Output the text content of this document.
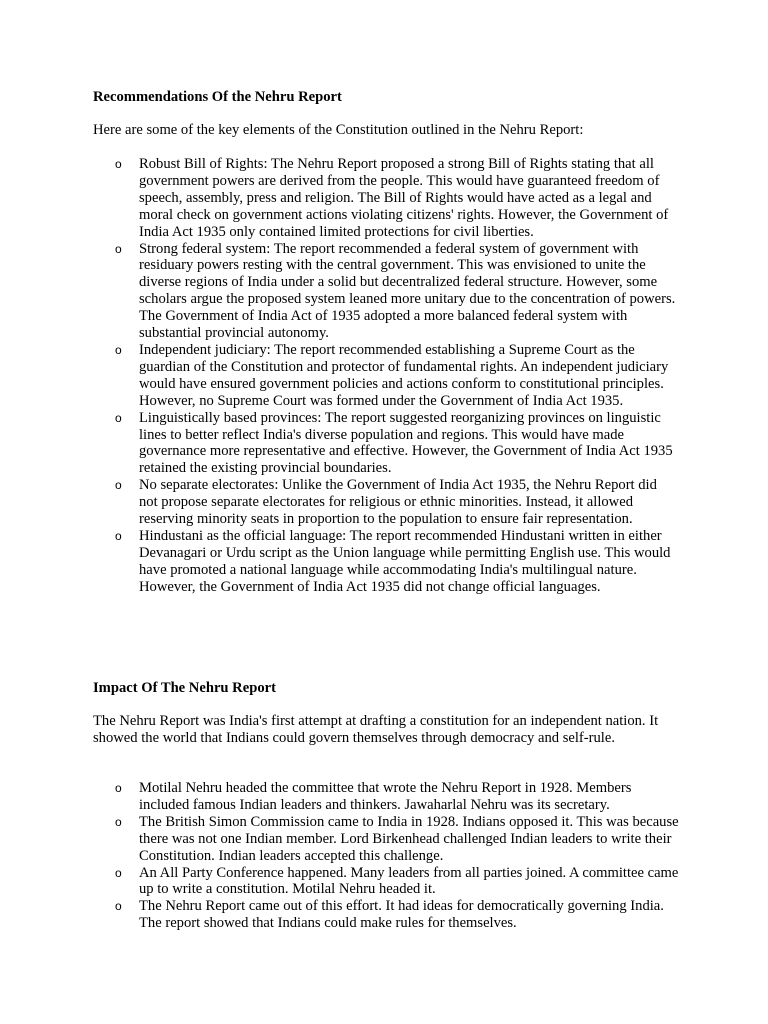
Recommendations Of the Nehru Report

Here are some of the key elements of the Constitution outlined in the Nehru Report:

o Robust Bill of Rights: The Nehru Report proposed a strong Bill of Rights stating that all government powers are derived from the people. This would have guaranteed freedom of speech, assembly, press and religion. The Bill of Rights would have acted as a legal and moral check on government actions violating citizens' rights. However, the Government of India Act 1935 only contained limited protections for civil liberties.
o Strong federal system: The report recommended a federal system of government with residuary powers resting with the central government. This was envisioned to unite the diverse regions of India under a solid but decentralized federal structure. However, some scholars argue the proposed system leaned more unitary due to the concentration of powers. The Government of India Act of 1935 adopted a more balanced federal system with substantial provincial autonomy.
o Independent judiciary: The report recommended establishing a Supreme Court as the guardian of the Constitution and protector of fundamental rights. An independent judiciary would have ensured government policies and actions conform to constitutional principles. However, no Supreme Court was formed under the Government of India Act 1935.
o Linguistically based provinces: The report suggested reorganizing provinces on linguistic lines to better reflect India's diverse population and regions. This would have made governance more representative and effective. However, the Government of India Act 1935 retained the existing provincial boundaries.
o No separate electorates: Unlike the Government of India Act 1935, the Nehru Report did not propose separate electorates for religious or ethnic minorities. Instead, it allowed reserving minority seats in proportion to the population to ensure fair representation.
o Hindustani as the official language: The report recommended Hindustani written in either Devanagari or Urdu script as the Union language while permitting English use. This would have promoted a national language while accommodating India's multilingual nature. However, the Government of India Act 1935 did not change official languages.
Impact Of The Nehru Report

The Nehru Report was India's first attempt at drafting a constitution for an independent nation. It showed the world that Indians could govern themselves through democracy and self-rule.

o Motilal Nehru headed the committee that wrote the Nehru Report in 1928. Members included famous Indian leaders and thinkers. Jawaharlal Nehru was its secretary.
o The British Simon Commission came to India in 1928. Indians opposed it. This was because there was not one Indian member. Lord Birkenhead challenged Indian leaders to write their Constitution. Indian leaders accepted this challenge.
o An All Party Conference happened. Many leaders from all parties joined. A committee came up to write a constitution. Motilal Nehru headed it.
o The Nehru Report came out of this effort. It had ideas for democratically governing India. The report showed that Indians could make rules for themselves.
